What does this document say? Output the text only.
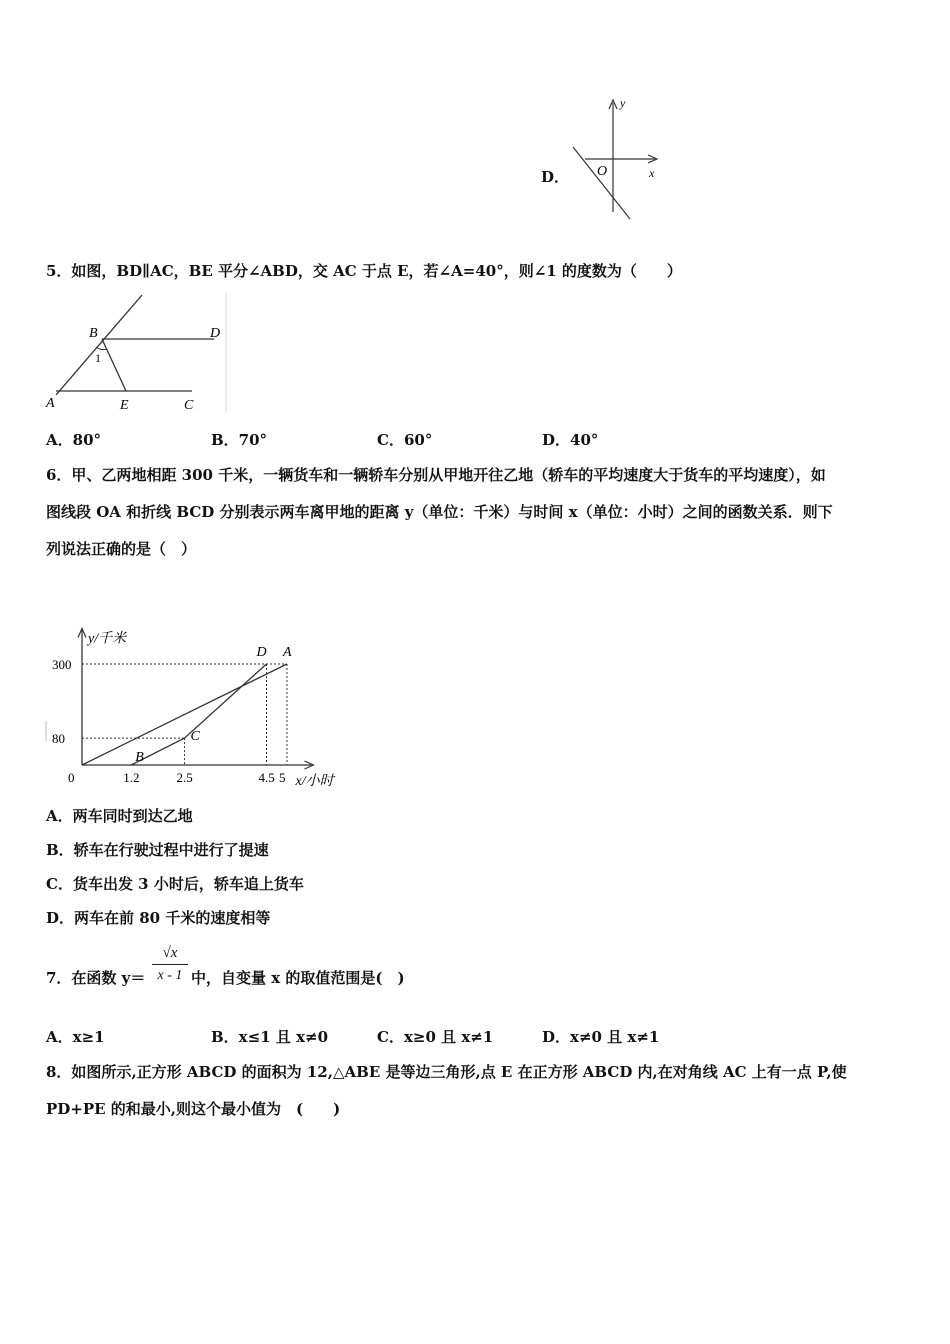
D．
y
x
O
5．如图，BD∥AC，BE 平分∠ABD，交 AC 于点 E，若∠A=40°，则∠1 的度数为（　　）
B	D
1
A	E	C
A．80°	B．70°	C．60°	D．40°
6．甲、乙两地相距 300 千米，一辆货车和一辆轿车分别从甲地开往乙地（轿车的平均速度大于货车的平均速度），如
图线段 OA 和折线 BCD 分别表示两车离甲地的距离 y（单位：千米）与时间 x（单位：小时）之间的函数关系．则下
列说法正确的是（　）
y/千米
x/小时
0	1.2	2.5	4.5 5
80
300
A
B
C
D
A．两车同时到达乙地
B．轿车在行驶过程中进行了提速
C．货车出发 3 小时后，轿车追上货车
D．两车在前 80 千米的速度相等
7．在函数 y＝
√x
x - 1 中，自变量 x 的取值范围是(　)
A．x≥1	B．x≤1 且 x≠0	C．x≥0 且 x≠1	D．x≠0 且 x≠1
8．如图所示,正方形 ABCD 的面积为 12,△ABE 是等边三角形,点 E 在正方形 ABCD 内,在对角线 AC 上有一点 P,使
PD+PE 的和最小,则这个最小值为　(　　)
